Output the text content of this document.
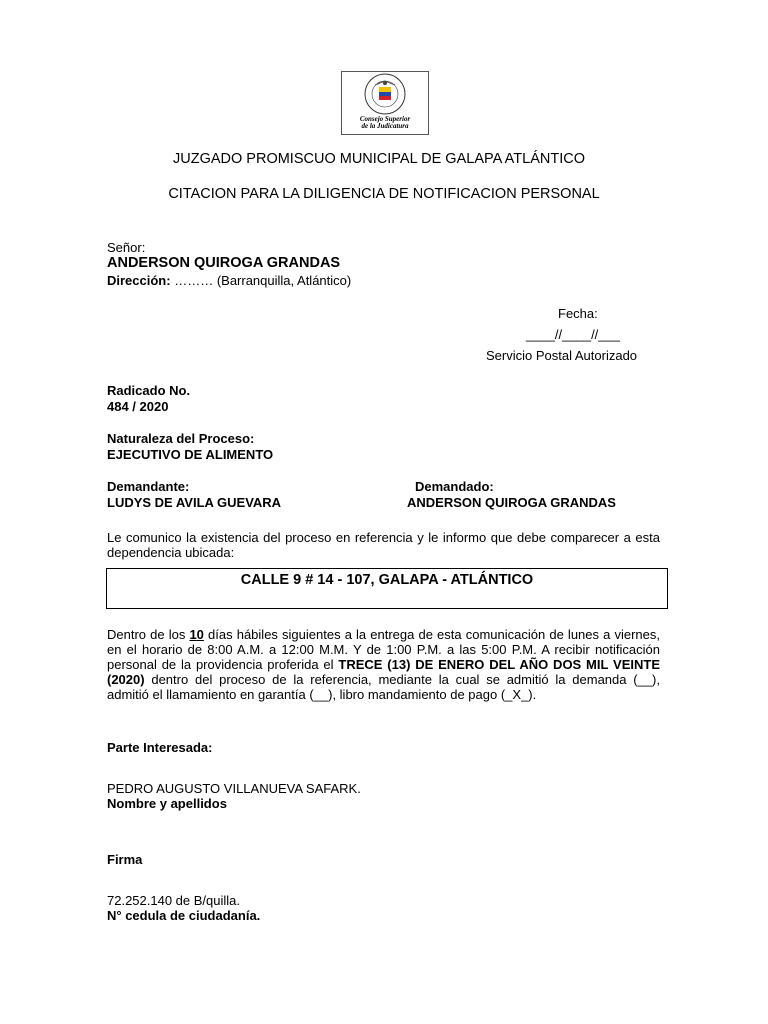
Consejo Superior
de la Judicatura
JUZGADO PROMISCUO MUNICIPAL DE GALAPA ATLÁNTICO
CITACION PARA LA DILIGENCIA DE NOTIFICACION PERSONAL
Señor:
ANDERSON QUIROGA GRANDAS
Dirección: ……… (Barranquilla, Atlántico)
Fecha:
____//____//___
Servicio Postal Autorizado
Radicado No.
484 / 2020
Naturaleza del Proceso:
EJECUTIVO DE ALIMENTO
Demandante:
LUDYS DE AVILA GUEVARA
Demandado:
ANDERSON QUIROGA GRANDAS
Le comunico la existencia del proceso en referencia y le informo que debe comparecer a esta dependencia ubicada:
CALLE 9 # 14 - 107, GALAPA - ATLÁNTICO
Dentro de los 10 días hábiles siguientes a la entrega de esta comunicación de lunes a viernes, en el horario de 8:00 A.M. a 12:00 M.M. Y de 1:00 P.M. a las 5:00 P.M. A recibir notificación personal de la providencia proferida el TRECE (13) DE ENERO DEL AÑO DOS MIL VEINTE (2020) dentro del proceso de la referencia, mediante la cual se admitió la demanda (__), admitió el llamamiento en garantía (__), libro mandamiento de pago (_X_).
Parte Interesada:
PEDRO AUGUSTO VILLANUEVA SAFARK.
Nombre y apellidos
Firma
72.252.140 de B/quilla.
N° cedula de ciudadanía.
